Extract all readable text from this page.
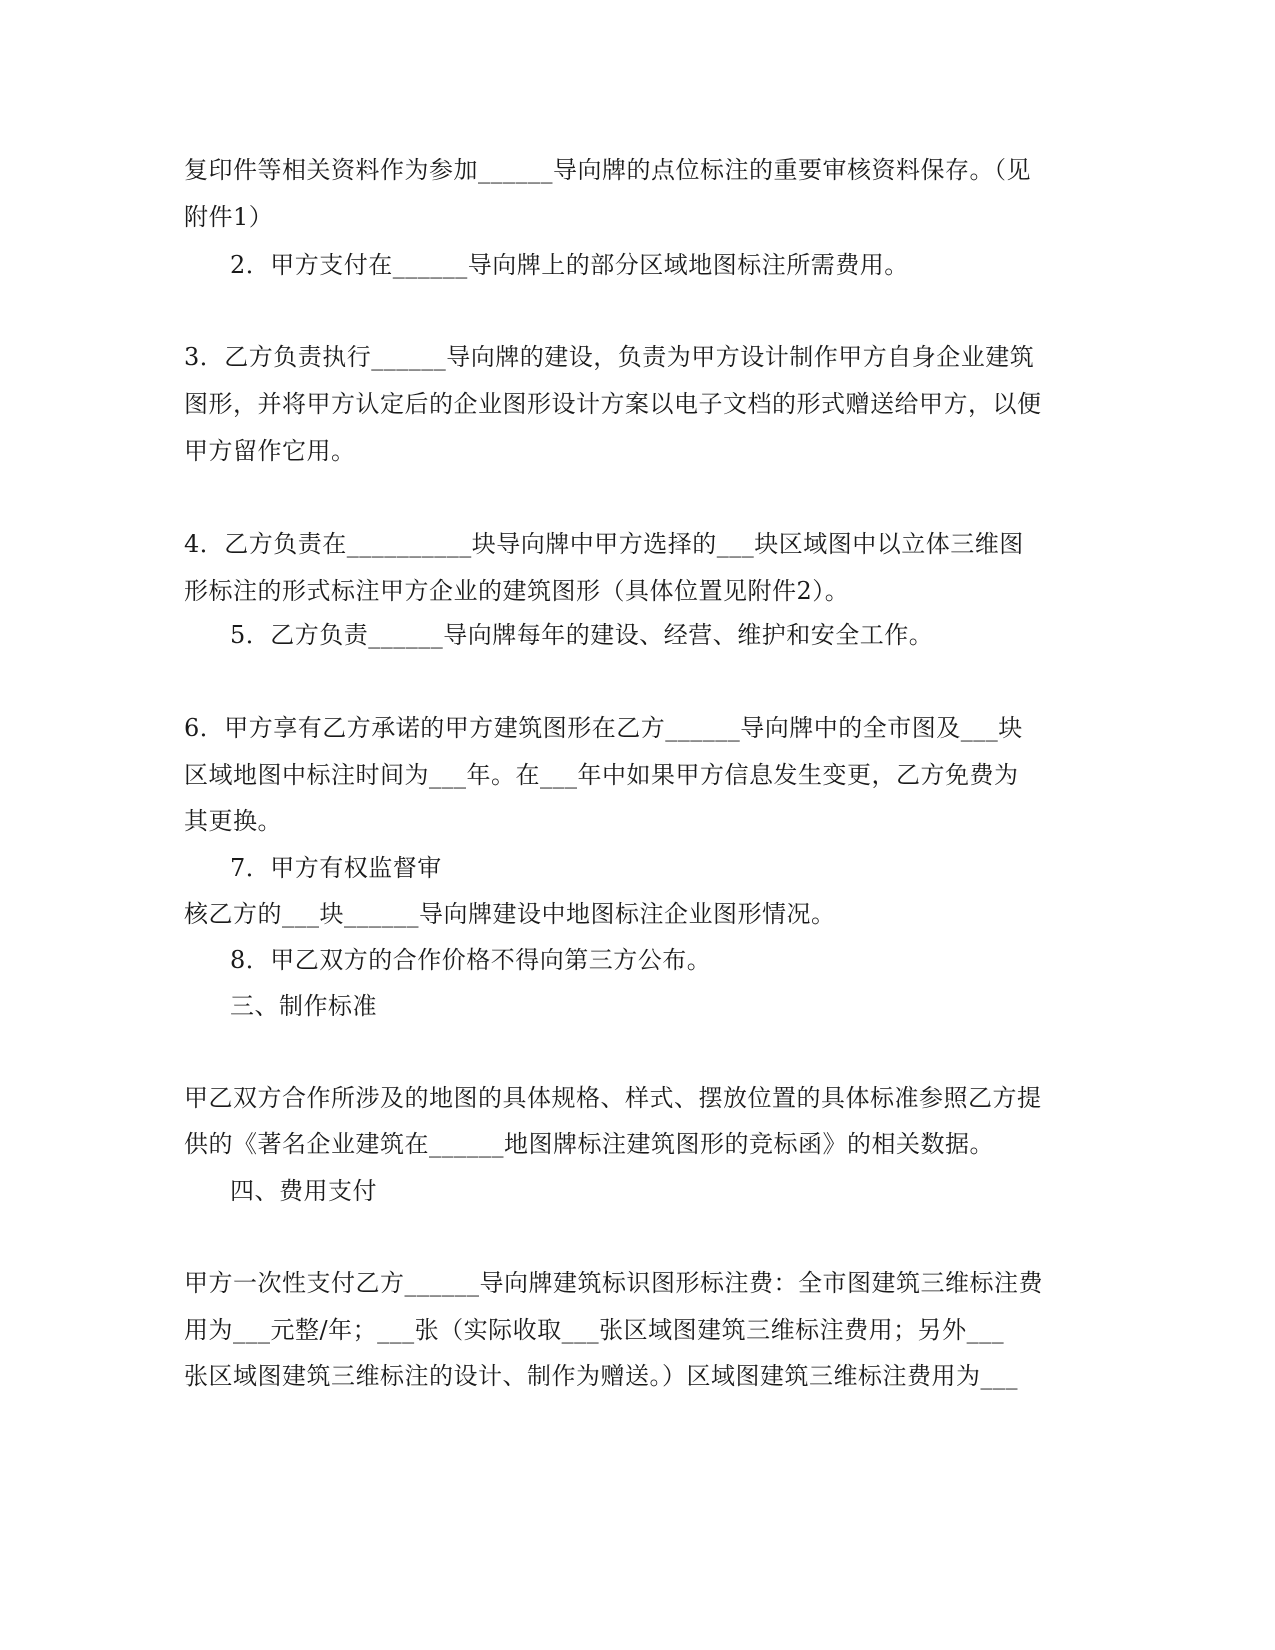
复印件等相关资料作为参加______导向牌的点位标注的重要审核资料保存。（见
附件1）
2．甲方支付在______导向牌上的部分区域地图标注所需费用。
3．乙方负责执行______导向牌的建设，负责为甲方设计制作甲方自身企业建筑
图形，并将甲方认定后的企业图形设计方案以电子文档的形式赠送给甲方，以便
甲方留作它用。
4．乙方负责在__________块导向牌中甲方选择的___块区域图中以立体三维图
形标注的形式标注甲方企业的建筑图形（具体位置见附件2）。
5．乙方负责______导向牌每年的建设、经营、维护和安全工作。
6．甲方享有乙方承诺的甲方建筑图形在乙方______导向牌中的全市图及___块
区域地图中标注时间为___年。在___年中如果甲方信息发生变更，乙方免费为
其更换。
7．甲方有权监督审
核乙方的___块______导向牌建设中地图标注企业图形情况。
8．甲乙双方的合作价格不得向第三方公布。
三、制作标准
甲乙双方合作所涉及的地图的具体规格、样式、摆放位置的具体标准参照乙方提
供的《著名企业建筑在______地图牌标注建筑图形的竞标函》的相关数据。
四、费用支付
甲方一次性支付乙方______导向牌建筑标识图形标注费：全市图建筑三维标注费
用为___元整/年；___张（实际收取___张区域图建筑三维标注费用；另外___
张区域图建筑三维标注的设计、制作为赠送。）区域图建筑三维标注费用为___
